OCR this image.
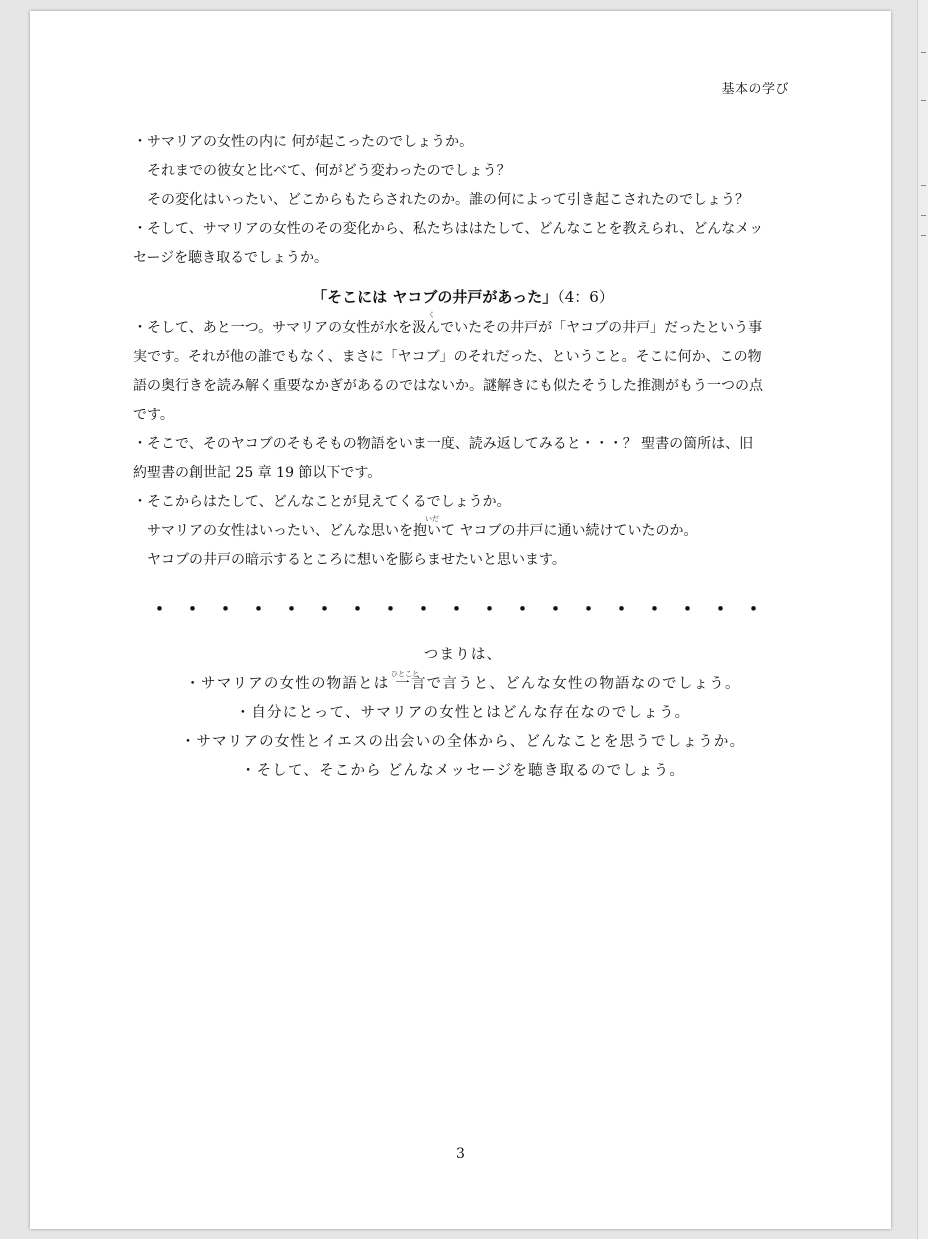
基本の学び
・サマリアの女性の内に 何が起こったのでしょうか。
それまでの彼女と比べて、何がどう変わったのでしょう？
その変化はいったい、どこからもたらされたのか。誰の何によって引き起こされたのでしょう？
・そして、サマリアの女性のその変化から、私たちははたして、どんなことを教えられ、どんなメッ
セージを聴き取るでしょうか。
「そこには ヤコブの井戸があった」（4：6）
く
いだ
・そして、あと一つ。サマリアの女性が水を汲んでいたその井戸が「ヤコブの井戸」だったという事
実です。それが他の誰でもなく、まさに「ヤコブ」のそれだった、ということ。そこに何か、この物
語の奥行きを読み解く重要なかぎがあるのではないか。謎解きにも似たそうした推測がもう一つの点
です。
・そこで、そのヤコブのそもそもの物語をいま一度、読み返してみると・・・？ 聖書の箇所は、旧
約聖書の創世記 25 章 19 節以下です。
・そこからはたして、どんなことが見えてくるでしょうか。
サマリアの女性はいったい、どんな思いを抱いて ヤコブの井戸に通い続けていたのか。
ヤコブの井戸の暗示するところに想いを膨らませたいと思います。
・・・・・・・・・・・・・・・・・・・
ひとこと
つまりは、
・サマリアの女性の物語とは 一言で言うと、どんな女性の物語なのでしょう。
・自分にとって、サマリアの女性とはどんな存在なのでしょう。
・サマリアの女性とイエスの出会いの全体から、どんなことを思うでしょうか。
・そして、そこから どんなメッセージを聴き取るのでしょう。
3
